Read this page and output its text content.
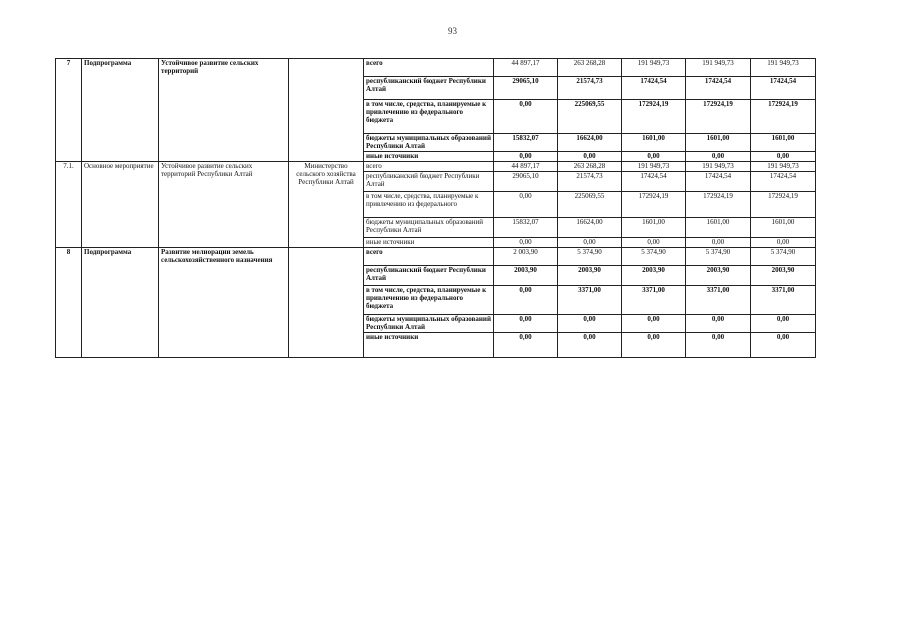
93
7	Подпрограмма	Устойчивое развитие сельских территорий		всего	44 897,17	263 268,28	191 949,73	191 949,73	191 949,73
				республиканский бюджет Республики Алтай	29065,10	21574,73	17424,54	17424,54	17424,54
				в том числе, средства, планируемые к привлечению из федерального бюджета	0,00	225069,55	172924,19	172924,19	172924,19
				бюджеты муниципальных образований Республики Алтай	15832,07	16624,00	1601,00	1601,00	1601,00
				иные источники	0,00	0,00	0,00	0,00	0,00
7.1.	Основное мероприятие	Устойчивое развитие сельских территорий Республики Алтай	Министерство сельского хозяйства Республики Алтай	всего	44 897,17	263 268,28	191 949,73	191 949,73	191 949,73
				республиканский бюджет Республики Алтай	29065,10	21574,73	17424,54	17424,54	17424,54
				в том числе, средства, планируемые к привлечению из федерального	0,00	225069,55	172924,19	172924,19	172924,19
				бюджеты муниципальных образований Республики Алтай	15832,07	16624,00	1601,00	1601,00	1601,00
				иные источники	0,00	0,00	0,00	0,00	0,00
8	Подпрограмма	Развитие мелиорации земель сельскохозяйственного назначения		всего	2 003,90	5 374,90	5 374,90	5 374,90	5 374,90
				республиканский бюджет Республики Алтай	2003,90	2003,90	2003,90	2003,90	2003,90
				в том числе, средства, планируемые к привлечению из федерального бюджета	0,00	3371,00	3371,00	3371,00	3371,00
				бюджеты муниципальных образований Республики Алтай	0,00	0,00	0,00	0,00	0,00
				иные источники	0,00	0,00	0,00	0,00	0,00
